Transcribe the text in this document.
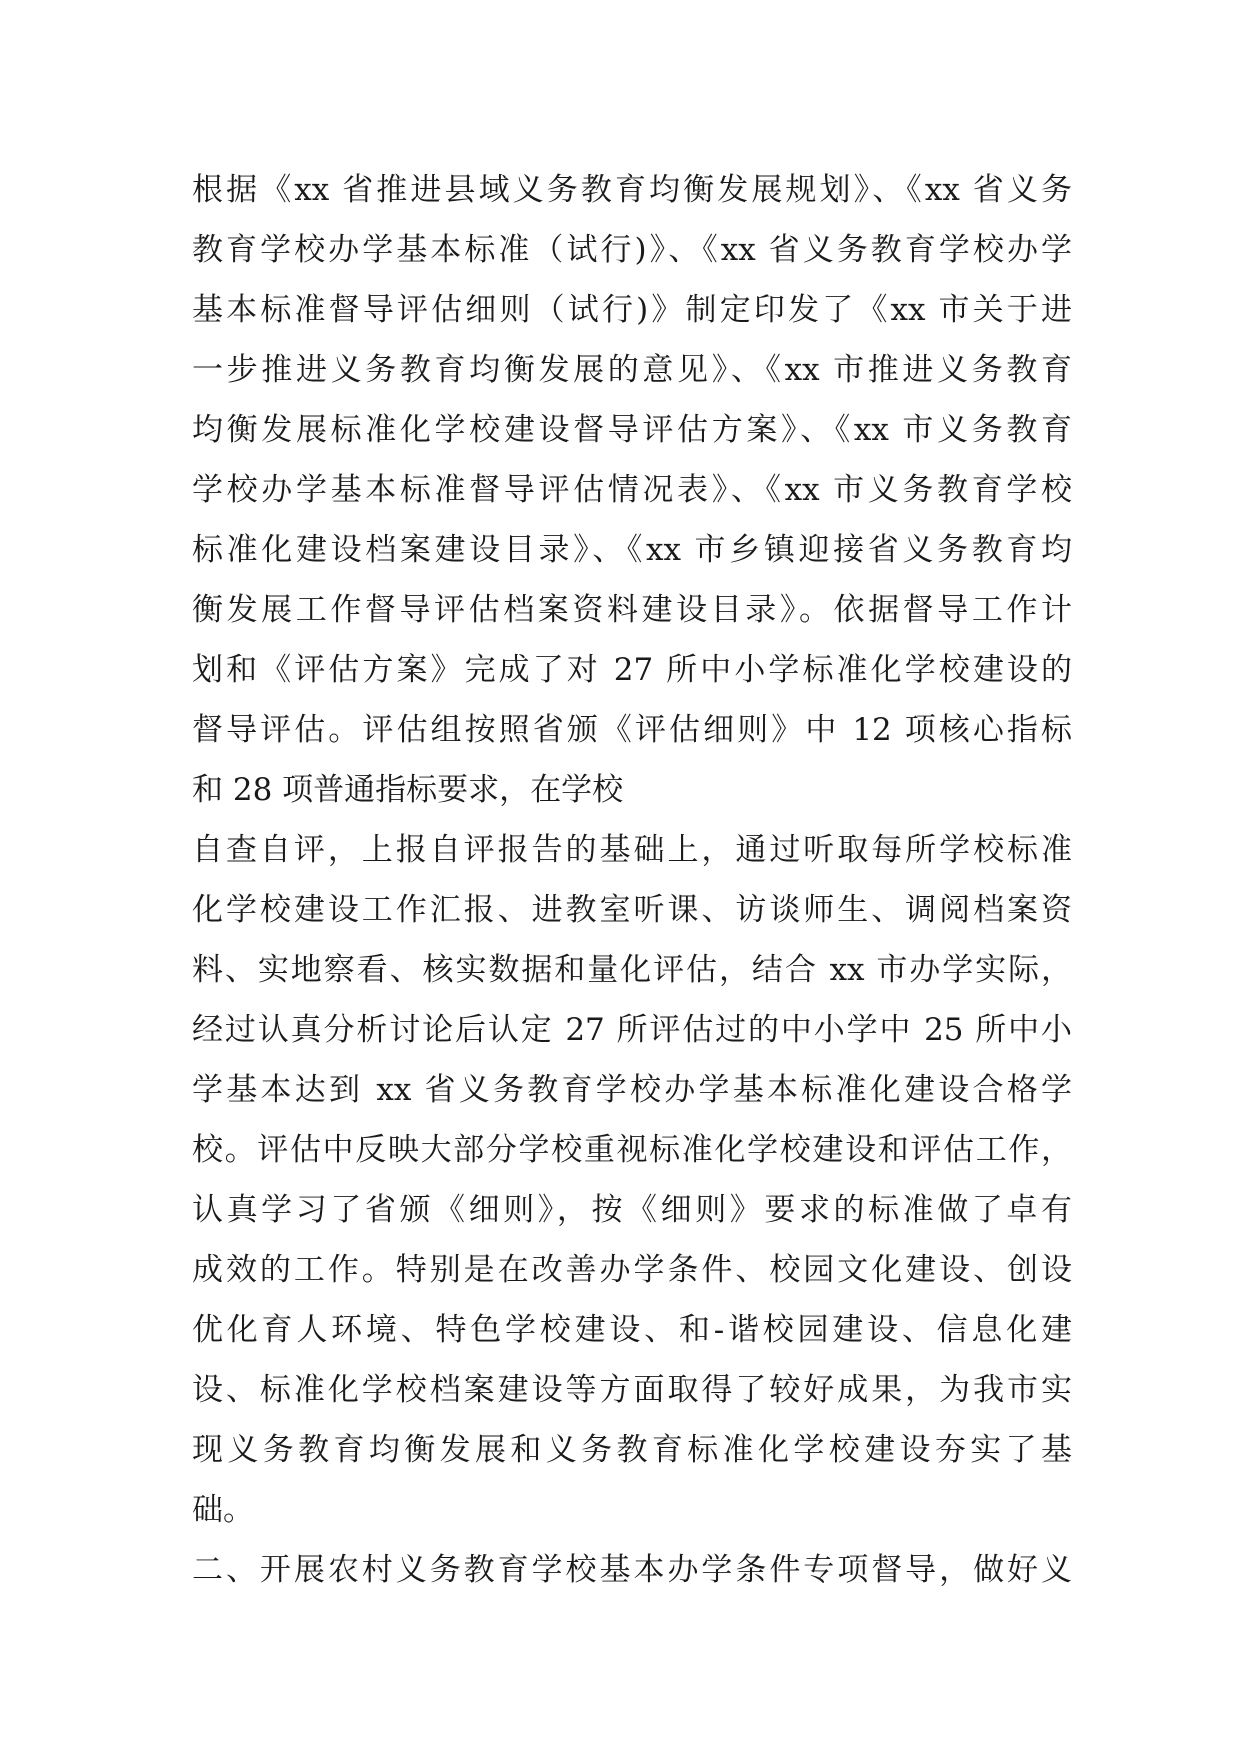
根据《xx 省推进县域义务教育均衡发展规划》、《xx 省义务
教育学校办学基本标准（试行)》、《xx 省义务教育学校办学
基本标准督导评估细则（试行)》制定印发了《xx 市关于进
一步推进义务教育均衡发展的意见》、《xx 市推进义务教育
均衡发展标准化学校建设督导评估方案》、《xx 市义务教育
学校办学基本标准督导评估情况表》、《xx 市义务教育学校
标准化建设档案建设目录》、《xx 市乡镇迎接省义务教育均
衡发展工作督导评估档案资料建设目录》。依据督导工作计
划和《评估方案》完成了对 27 所中小学标准化学校建设的
督导评估。评估组按照省颁《评估细则》中 12 项核心指标
和 28 项普通指标要求，在学校
自查自评，上报自评报告的基础上，通过听取每所学校标准
化学校建设工作汇报、进教室听课、访谈师生、调阅档案资
料、实地察看、核实数据和量化评估，结合 xx 市办学实际，
经过认真分析讨论后认定 27 所评估过的中小学中 25 所中小
学基本达到 xx 省义务教育学校办学基本标准化建设合格学
校。评估中反映大部分学校重视标准化学校建设和评估工作，
认真学习了省颁《细则》，按《细则》要求的标准做了卓有
成效的工作。特别是在改善办学条件、校园文化建设、创设
优化育人环境、特色学校建设、和-谐校园建设、信息化建
设、标准化学校档案建设等方面取得了较好成果，为我市实
现义务教育均衡发展和义务教育标准化学校建设夯实了基
础。
二、开展农村义务教育学校基本办学条件专项督导，做好义
